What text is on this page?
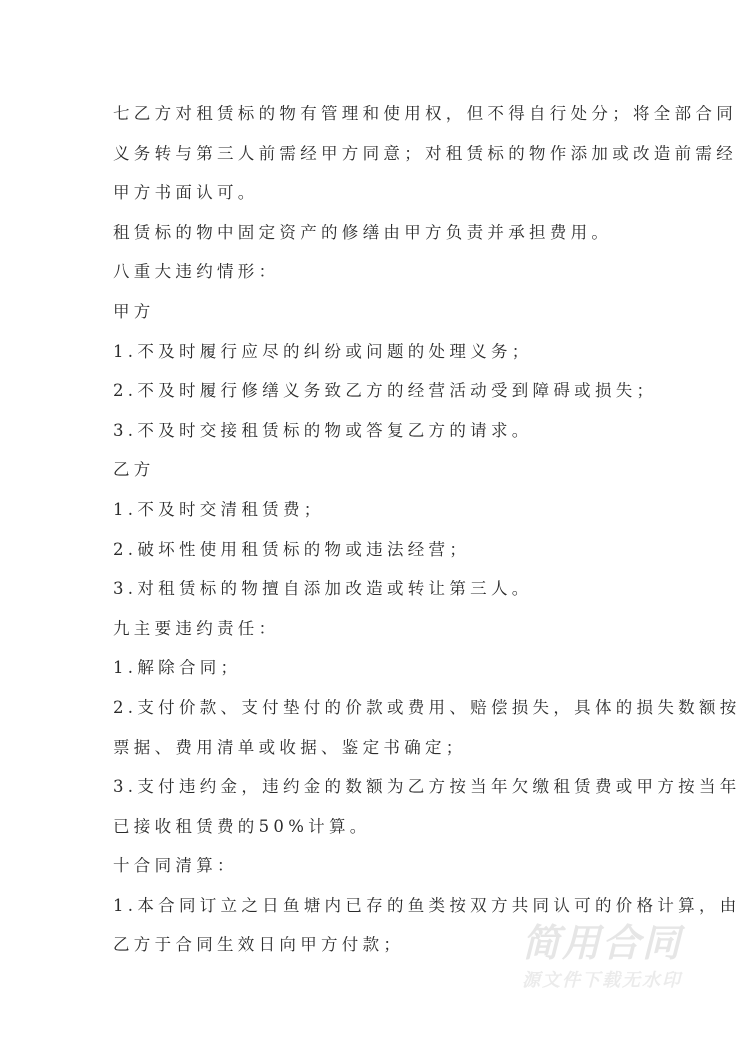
七乙方对租赁标的物有管理和使用权，但不得自行处分；将全部合同
义务转与第三人前需经甲方同意；对租赁标的物作添加或改造前需经
甲方书面认可。
租赁标的物中固定资产的修缮由甲方负责并承担费用。
八重大违约情形：
甲方
1.不及时履行应尽的纠纷或问题的处理义务；
2.不及时履行修缮义务致乙方的经营活动受到障碍或损失；
3.不及时交接租赁标的物或答复乙方的请求。
乙方
1.不及时交清租赁费；
2.破坏性使用租赁标的物或违法经营；
3.对租赁标的物擅自添加改造或转让第三人。
九主要违约责任：
1.解除合同；
2.支付价款、支付垫付的价款或费用、赔偿损失，具体的损失数额按
票据、费用清单或收据、鉴定书确定；
3.支付违约金，违约金的数额为乙方按当年欠缴租赁费或甲方按当年
已接收租赁费的50%计算。
十合同清算：
1.本合同订立之日鱼塘内已存的鱼类按双方共同认可的价格计算，由
乙方于合同生效日向甲方付款；	简用合同
源文件下载无水印
